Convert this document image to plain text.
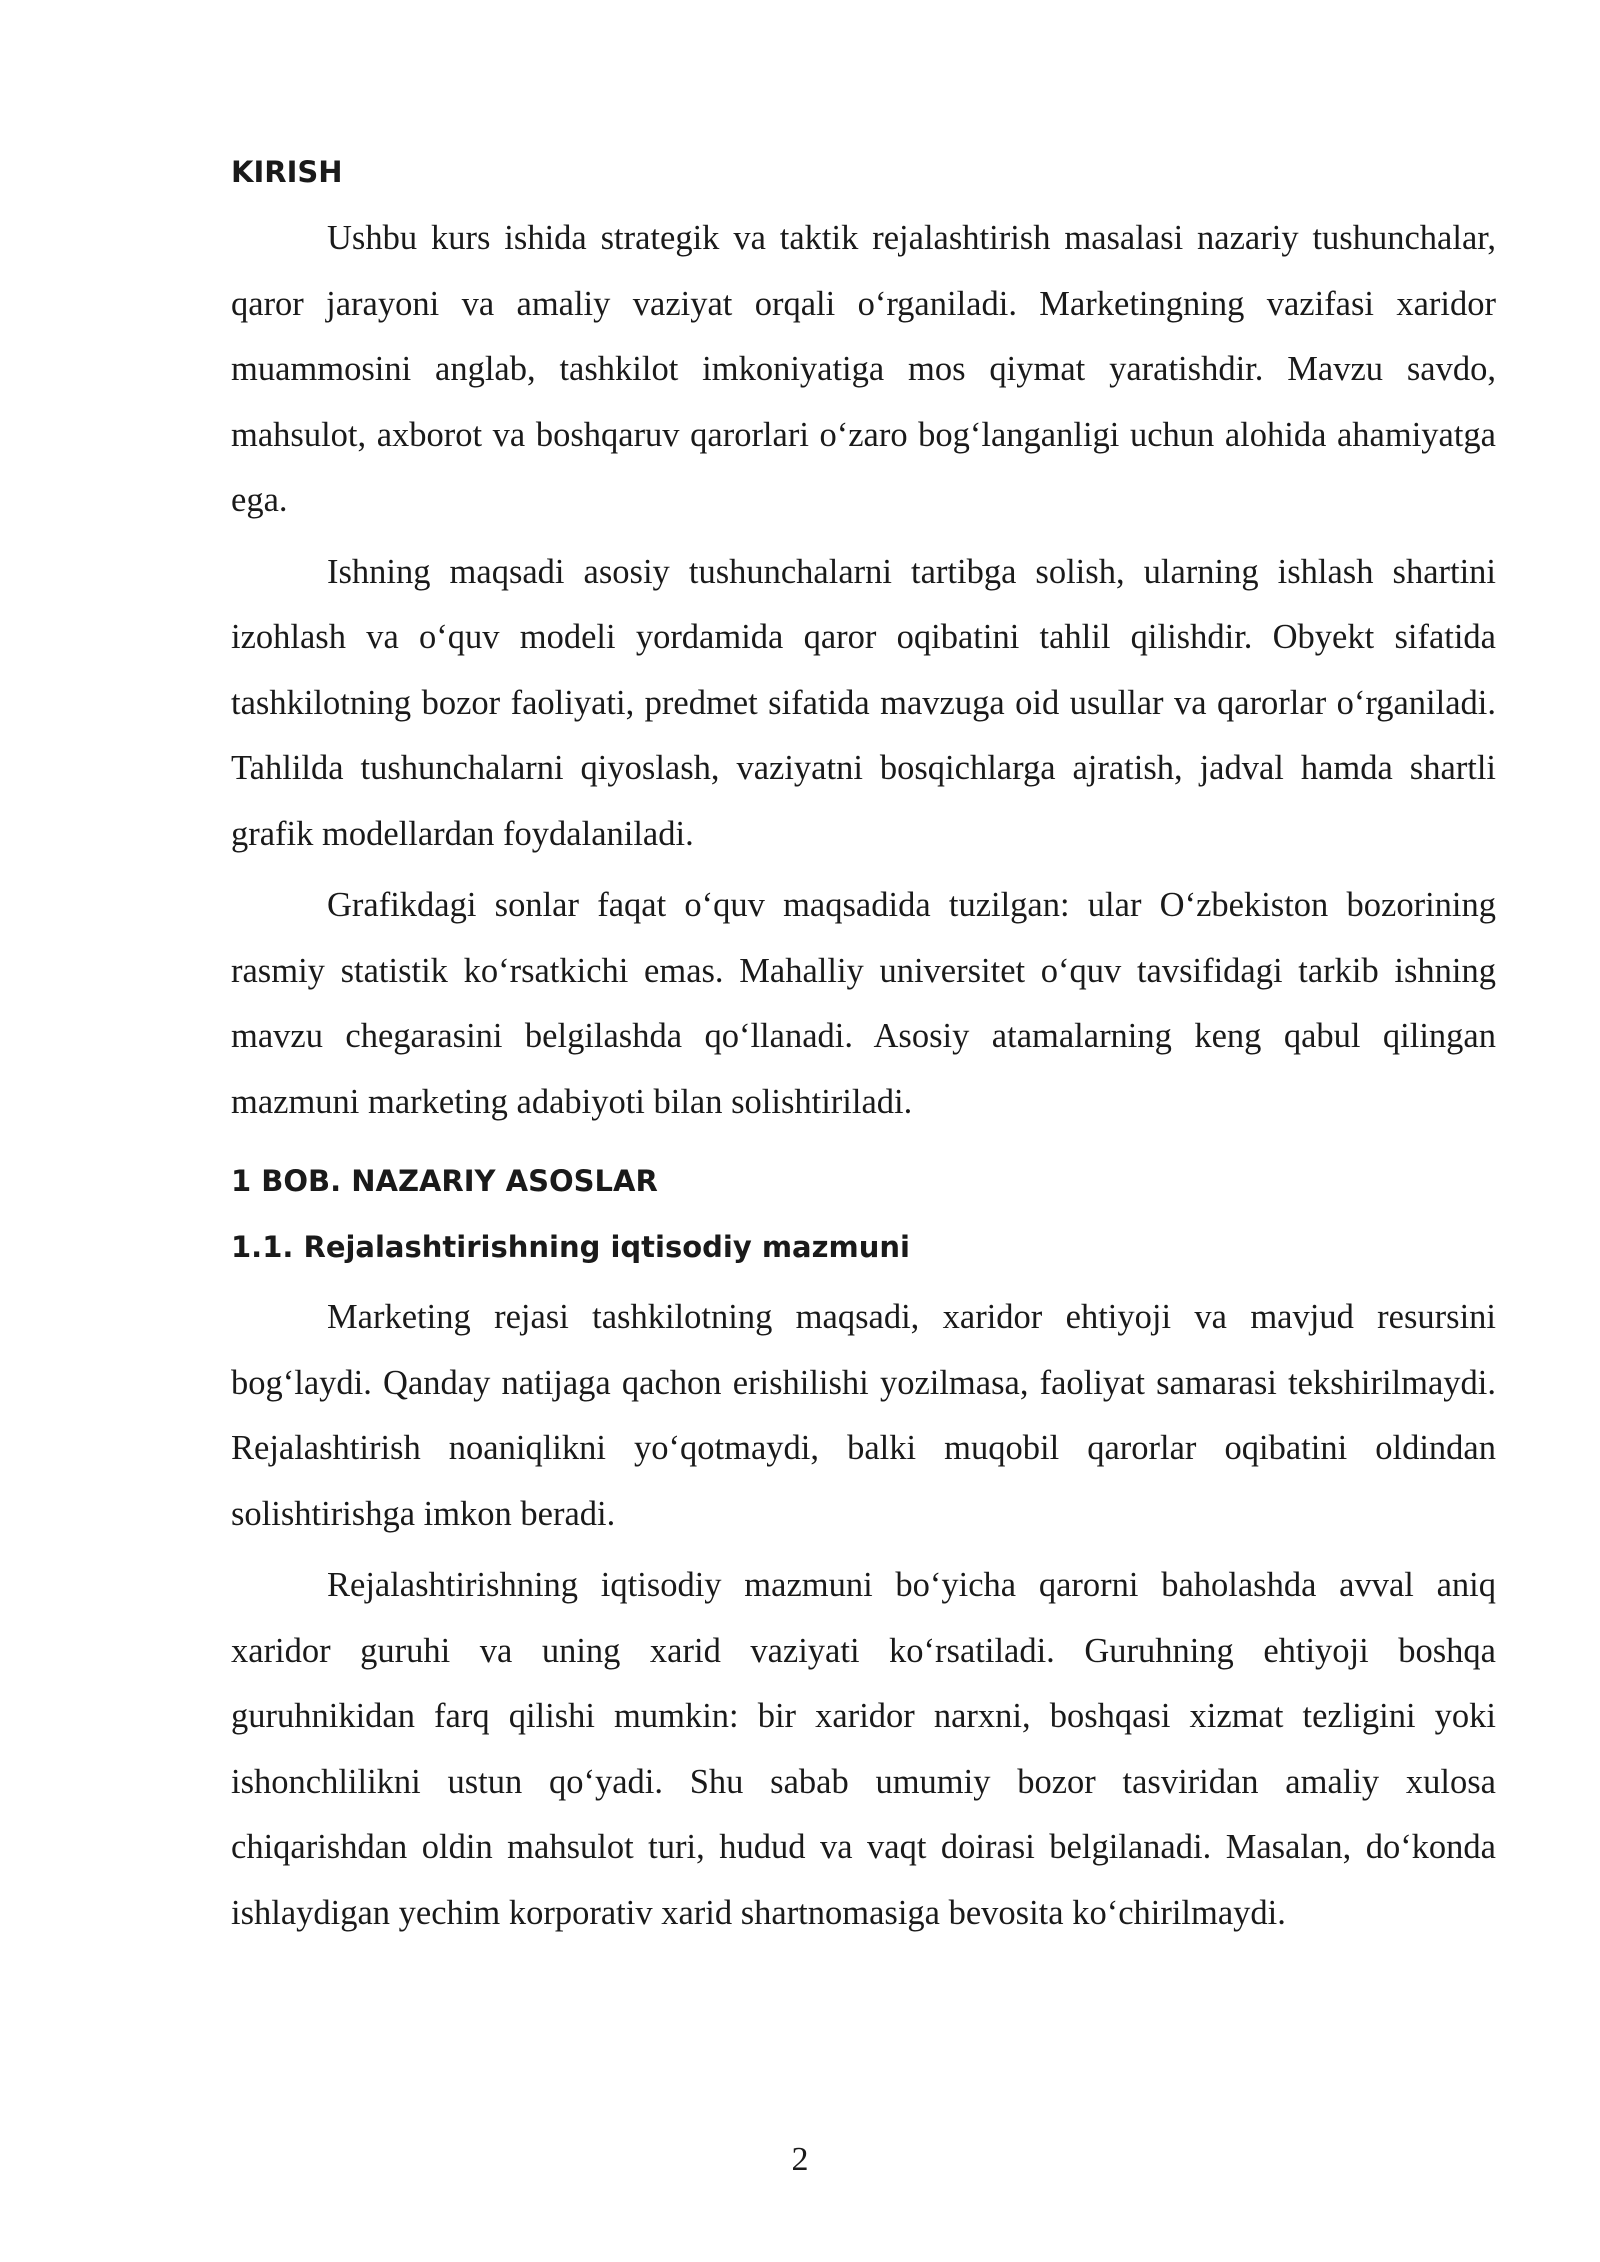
KIRISH

Ushbu kurs ishida strategik va taktik rejalashtirish masalasi nazariy tushunchalar, qaror jarayoni va amaliy vaziyat orqali o‘rganiladi. Marketingning vazifasi xaridor muammosini anglab, tashkilot imkoniyatiga mos qiymat yaratishdir. Mavzu savdo, mahsulot, axborot va boshqaruv qarorlari o‘zaro bog‘langanligi uchun alohida ahamiyatga ega.

Ishning maqsadi asosiy tushunchalarni tartibga solish, ularning ishlash shartini izohlash va o‘quv modeli yordamida qaror oqibatini tahlil qilishdir. Obyekt sifatida tashkilotning bozor faoliyati, predmet sifatida mavzuga oid usullar va qarorlar o‘rganiladi. Tahlilda tushunchalarni qiyoslash, vaziyatni bosqichlarga ajratish, jadval hamda shartli grafik modellardan foydalaniladi.

Grafikdagi sonlar faqat o‘quv maqsadida tuzilgan: ular O‘zbekiston bozorining rasmiy statistik ko‘rsatkichi emas. Mahalliy universitet o‘quv tavsifidagi tarkib ishning mavzu chegarasini belgilashda qo‘llanadi. Asosiy atamalarning keng qabul qilingan mazmuni marketing adabiyoti bilan solishtiriladi.

1 BOB. NAZARIY ASOSLAR
1.1. Rejalashtirishning iqtisodiy mazmuni

Marketing rejasi tashkilotning maqsadi, xaridor ehtiyoji va mavjud resursini bog‘laydi. Qanday natijaga qachon erishilishi yozilmasa, faoliyat samarasi tekshirilmaydi. Rejalashtirish noaniqlikni yo‘qotmaydi, balki muqobil qarorlar oqibatini oldindan solishtirishga imkon beradi.

Rejalashtirishning iqtisodiy mazmuni bo‘yicha qarorni baholashda avval aniq xaridor guruhi va uning xarid vaziyati ko‘rsatiladi. Guruhning ehtiyoji boshqa guruhnikidan farq qilishi mumkin: bir xaridor narxni, boshqasi xizmat tezligini yoki ishonchlilikni ustun qo‘yadi. Shu sabab umumiy bozor tasviridan amaliy xulosa chiqarishdan oldin mahsulot turi, hudud va vaqt doirasi belgilanadi. Masalan, do‘konda ishlaydigan yechim korporativ xarid shartnomasiga bevosita ko‘chirilmaydi.

2
